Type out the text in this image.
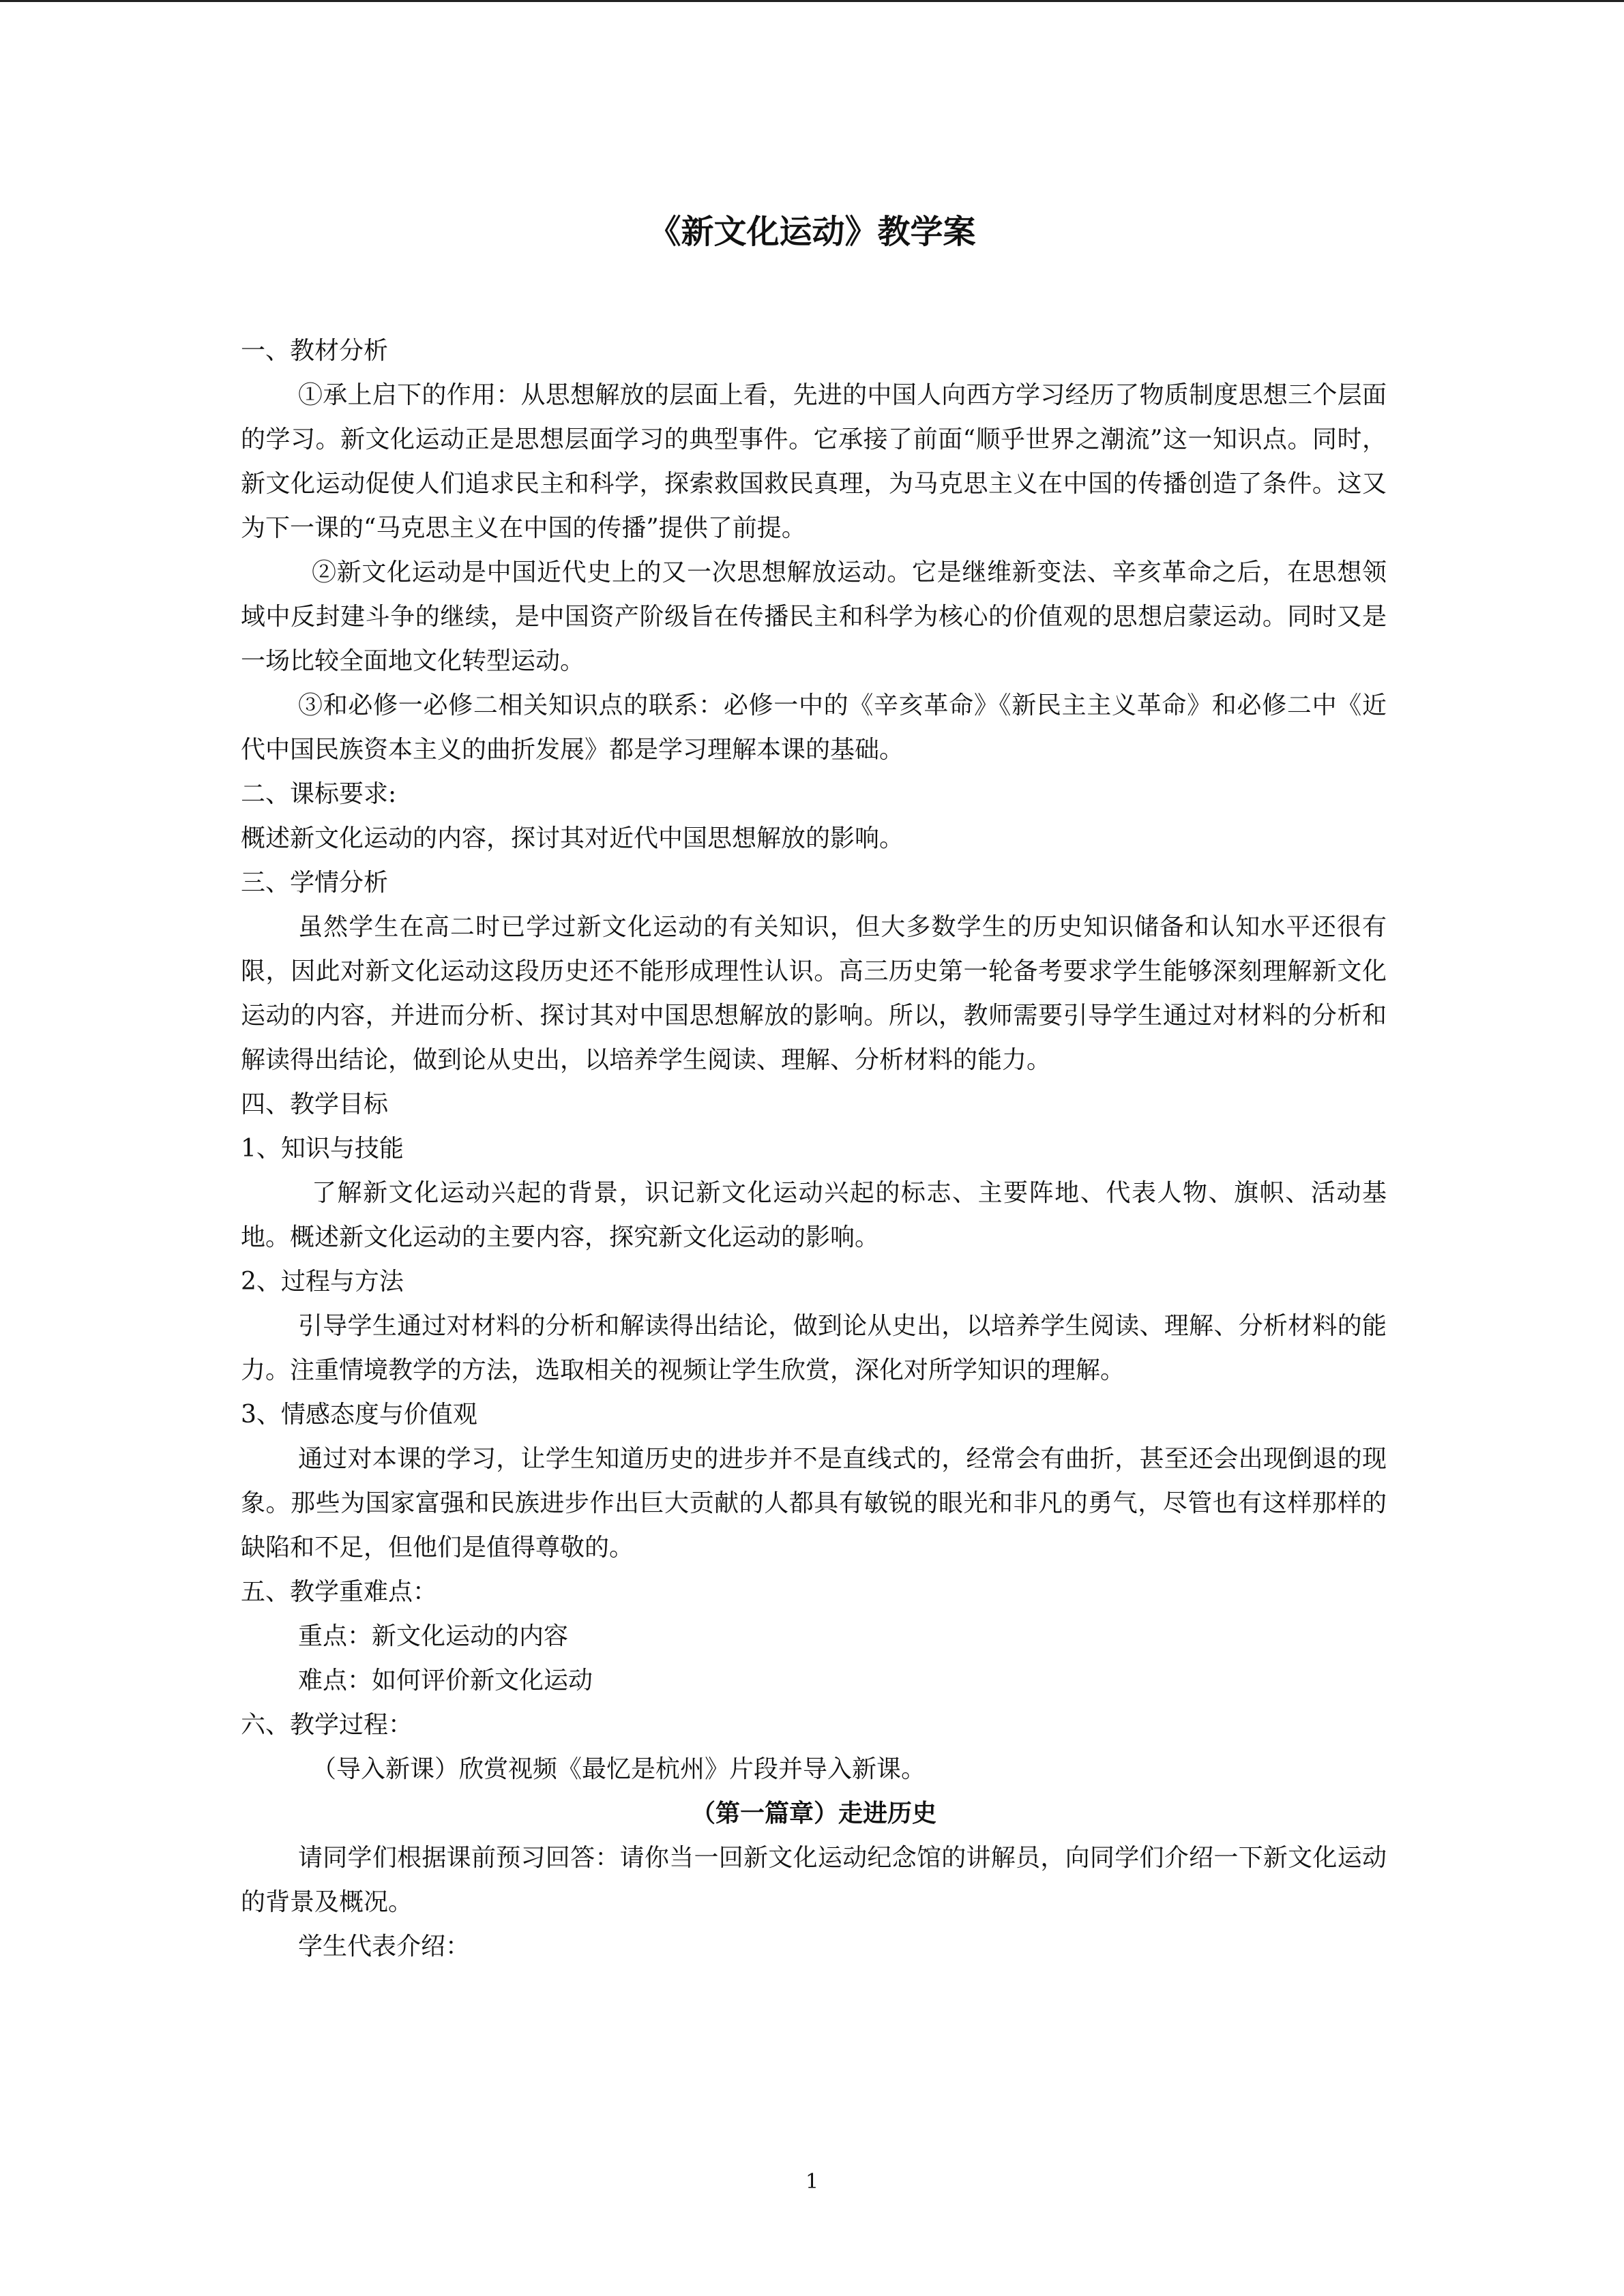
《新文化运动》教学案

一、教材分析

①承上启下的作用：从思想解放的层面上看，先进的中国人向西方学习经历了物质制度思想三个层面的学习。新文化运动正是思想层面学习的典型事件。它承接了前面“顺乎世界之潮流”这一知识点。同时，新文化运动促使人们追求民主和科学，探索救国救民真理，为马克思主义在中国的传播创造了条件。这又为下一课的“马克思主义在中国的传播”提供了前提。

②新文化运动是中国近代史上的又一次思想解放运动。它是继维新变法、辛亥革命之后，在思想领域中反封建斗争的继续，是中国资产阶级旨在传播民主和科学为核心的价值观的思想启蒙运动。同时又是一场比较全面地文化转型运动。

③和必修一必修二相关知识点的联系：必修一中的《辛亥革命》《新民主主义革命》和必修二中《近代中国民族资本主义的曲折发展》都是学习理解本课的基础。

二、课标要求:

概述新文化运动的内容，探讨其对近代中国思想解放的影响。

三、学情分析

虽然学生在高二时已学过新文化运动的有关知识，但大多数学生的历史知识储备和认知水平还很有限，因此对新文化运动这段历史还不能形成理性认识。高三历史第一轮备考要求学生能够深刻理解新文化运动的内容，并进而分析、探讨其对中国思想解放的影响。所以，教师需要引导学生通过对材料的分析和解读得出结论，做到论从史出，以培养学生阅读、理解、分析材料的能力。

四、教学目标

1、知识与技能

了解新文化运动兴起的背景，识记新文化运动兴起的标志、主要阵地、代表人物、旗帜、活动基地。概述新文化运动的主要内容，探究新文化运动的影响。

2、过程与方法

引导学生通过对材料的分析和解读得出结论，做到论从史出，以培养学生阅读、理解、分析材料的能力。注重情境教学的方法，选取相关的视频让学生欣赏，深化对所学知识的理解。

3、情感态度与价值观

通过对本课的学习，让学生知道历史的进步并不是直线式的，经常会有曲折，甚至还会出现倒退的现象。那些为国家富强和民族进步作出巨大贡献的人都具有敏锐的眼光和非凡的勇气，尽管也有这样那样的缺陷和不足，但他们是值得尊敬的。

五、教学重难点：

重点：新文化运动的内容

难点：如何评价新文化运动

六、教学过程：

（导入新课）欣赏视频《最忆是杭州》片段并导入新课。

（第一篇章）走进历史

请同学们根据课前预习回答：请你当一回新文化运动纪念馆的讲解员，向同学们介绍一下新文化运动的背景及概况。

学生代表介绍：

1
